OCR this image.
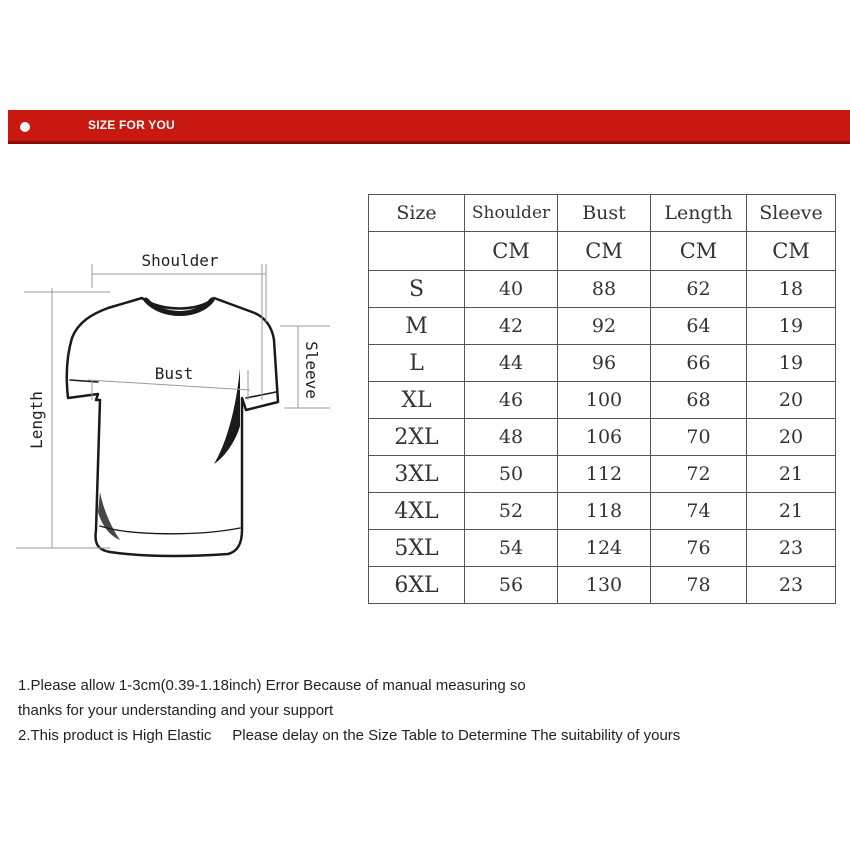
SIZE FOR YOU
Shoulder
Bust	Sleeve
Length
Size	Shoulder	Bust	Length	Sleeve
	CM	CM	CM	CM
S	40	88	62	18
M	42	92	64	19
L	44	96	66	19
XL	46	100	68	20
2XL	48	106	70	20
3XL	50	112	72	21
4XL	52	118	74	21
5XL	54	124	76	23
6XL	56	130	78	23
1.Please allow 1-3cm(0.39-1.18inch) Error Because of manual measuring so
thanks for your understanding and your support
2.This product is High Elastic     Please delay on the Size Table to Determine The suitability of yours
